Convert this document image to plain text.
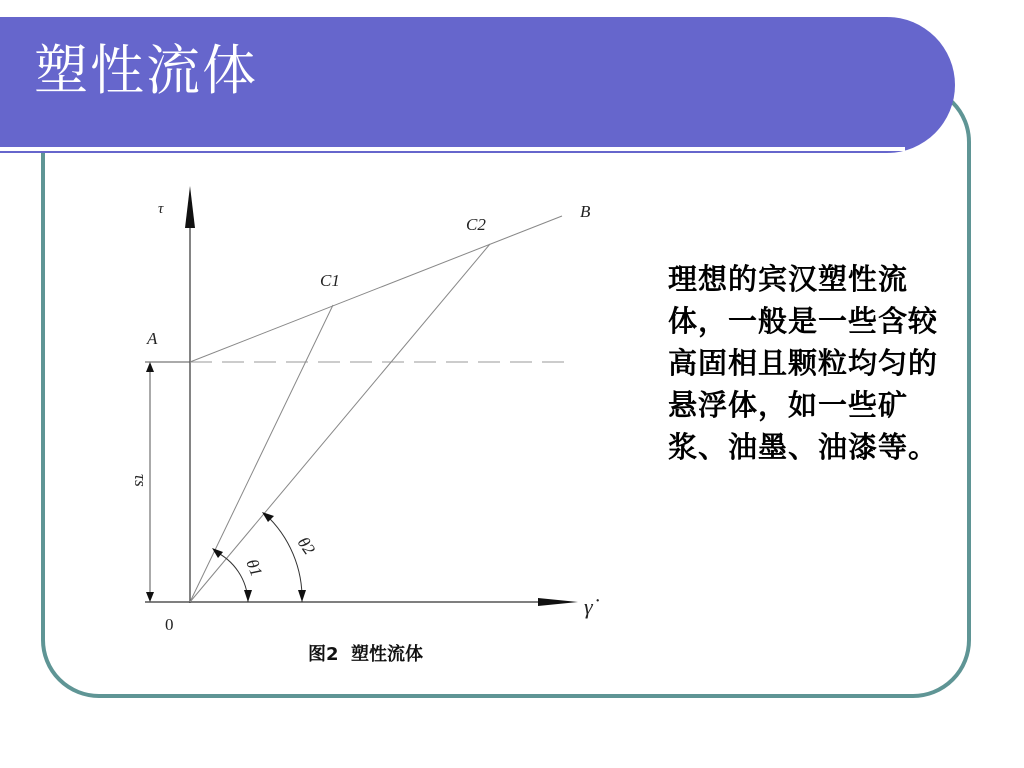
塑性流体
τ
A
B
C2
C1
0
γ̇
τs
θ1
θ2
图2  塑性流体

理想的宾汉塑性流体，一般是一些含较高固相且颗粒均匀的悬浮体，如一些矿浆、油墨、油漆等。
